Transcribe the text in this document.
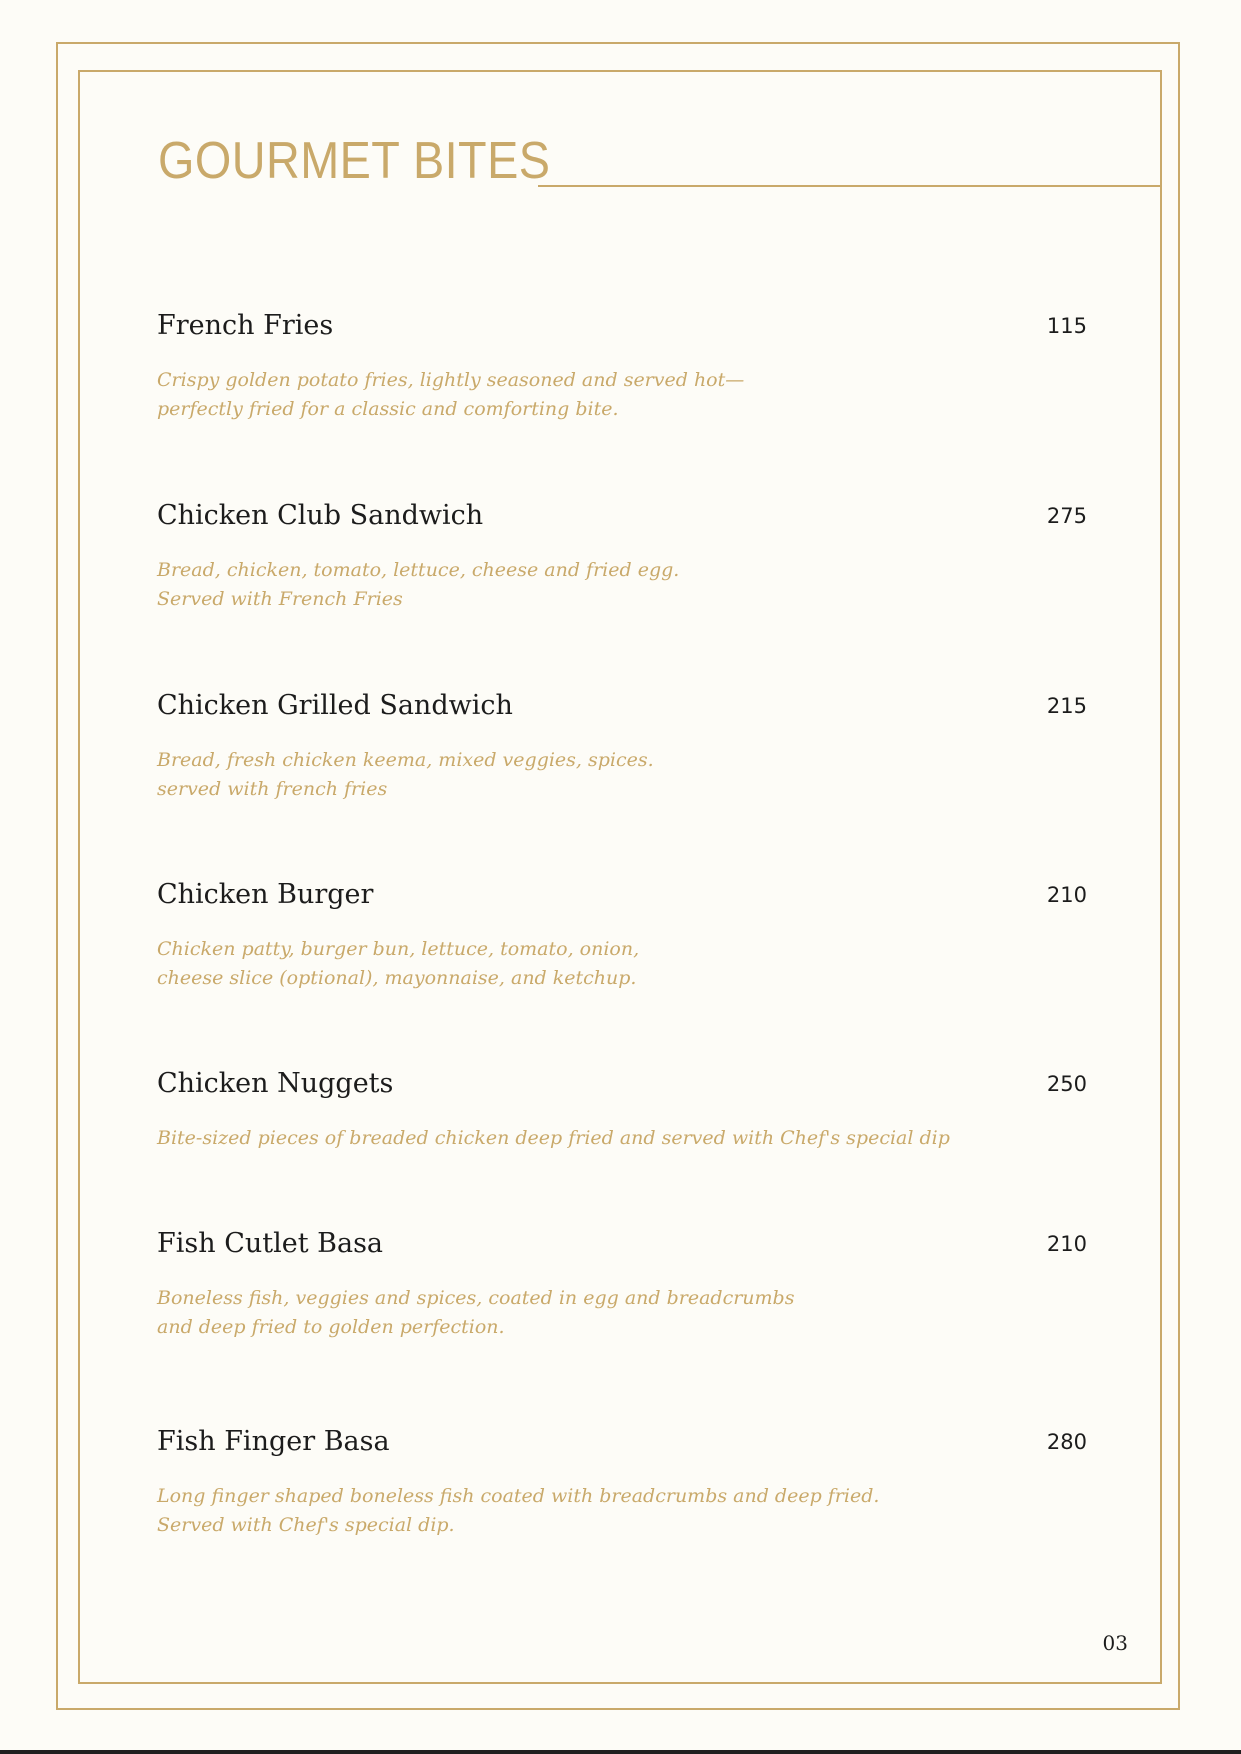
GOURMET BITES
French Fries	115

Crispy golden potato fries, lightly seasoned and served hot—
perfectly fried for a classic and comforting bite.

Chicken Club Sandwich	275

Bread, chicken, tomato, lettuce, cheese and fried egg.
Served with French Fries

Chicken Grilled Sandwich	215

Bread, fresh chicken keema, mixed veggies, spices.
served with french fries

Chicken Burger	210

Chicken patty, burger bun, lettuce, tomato, onion,
cheese slice (optional), mayonnaise, and ketchup.

Chicken Nuggets	250

Bite-sized pieces of breaded chicken deep fried and served with Chef's special dip

Fish Cutlet Basa	210

Boneless fish, veggies and spices, coated in egg and breadcrumbs
and deep fried to golden perfection.

Fish Finger Basa	280

Long finger shaped boneless fish coated with breadcrumbs and deep fried.
Served with Chef's special dip.

03
